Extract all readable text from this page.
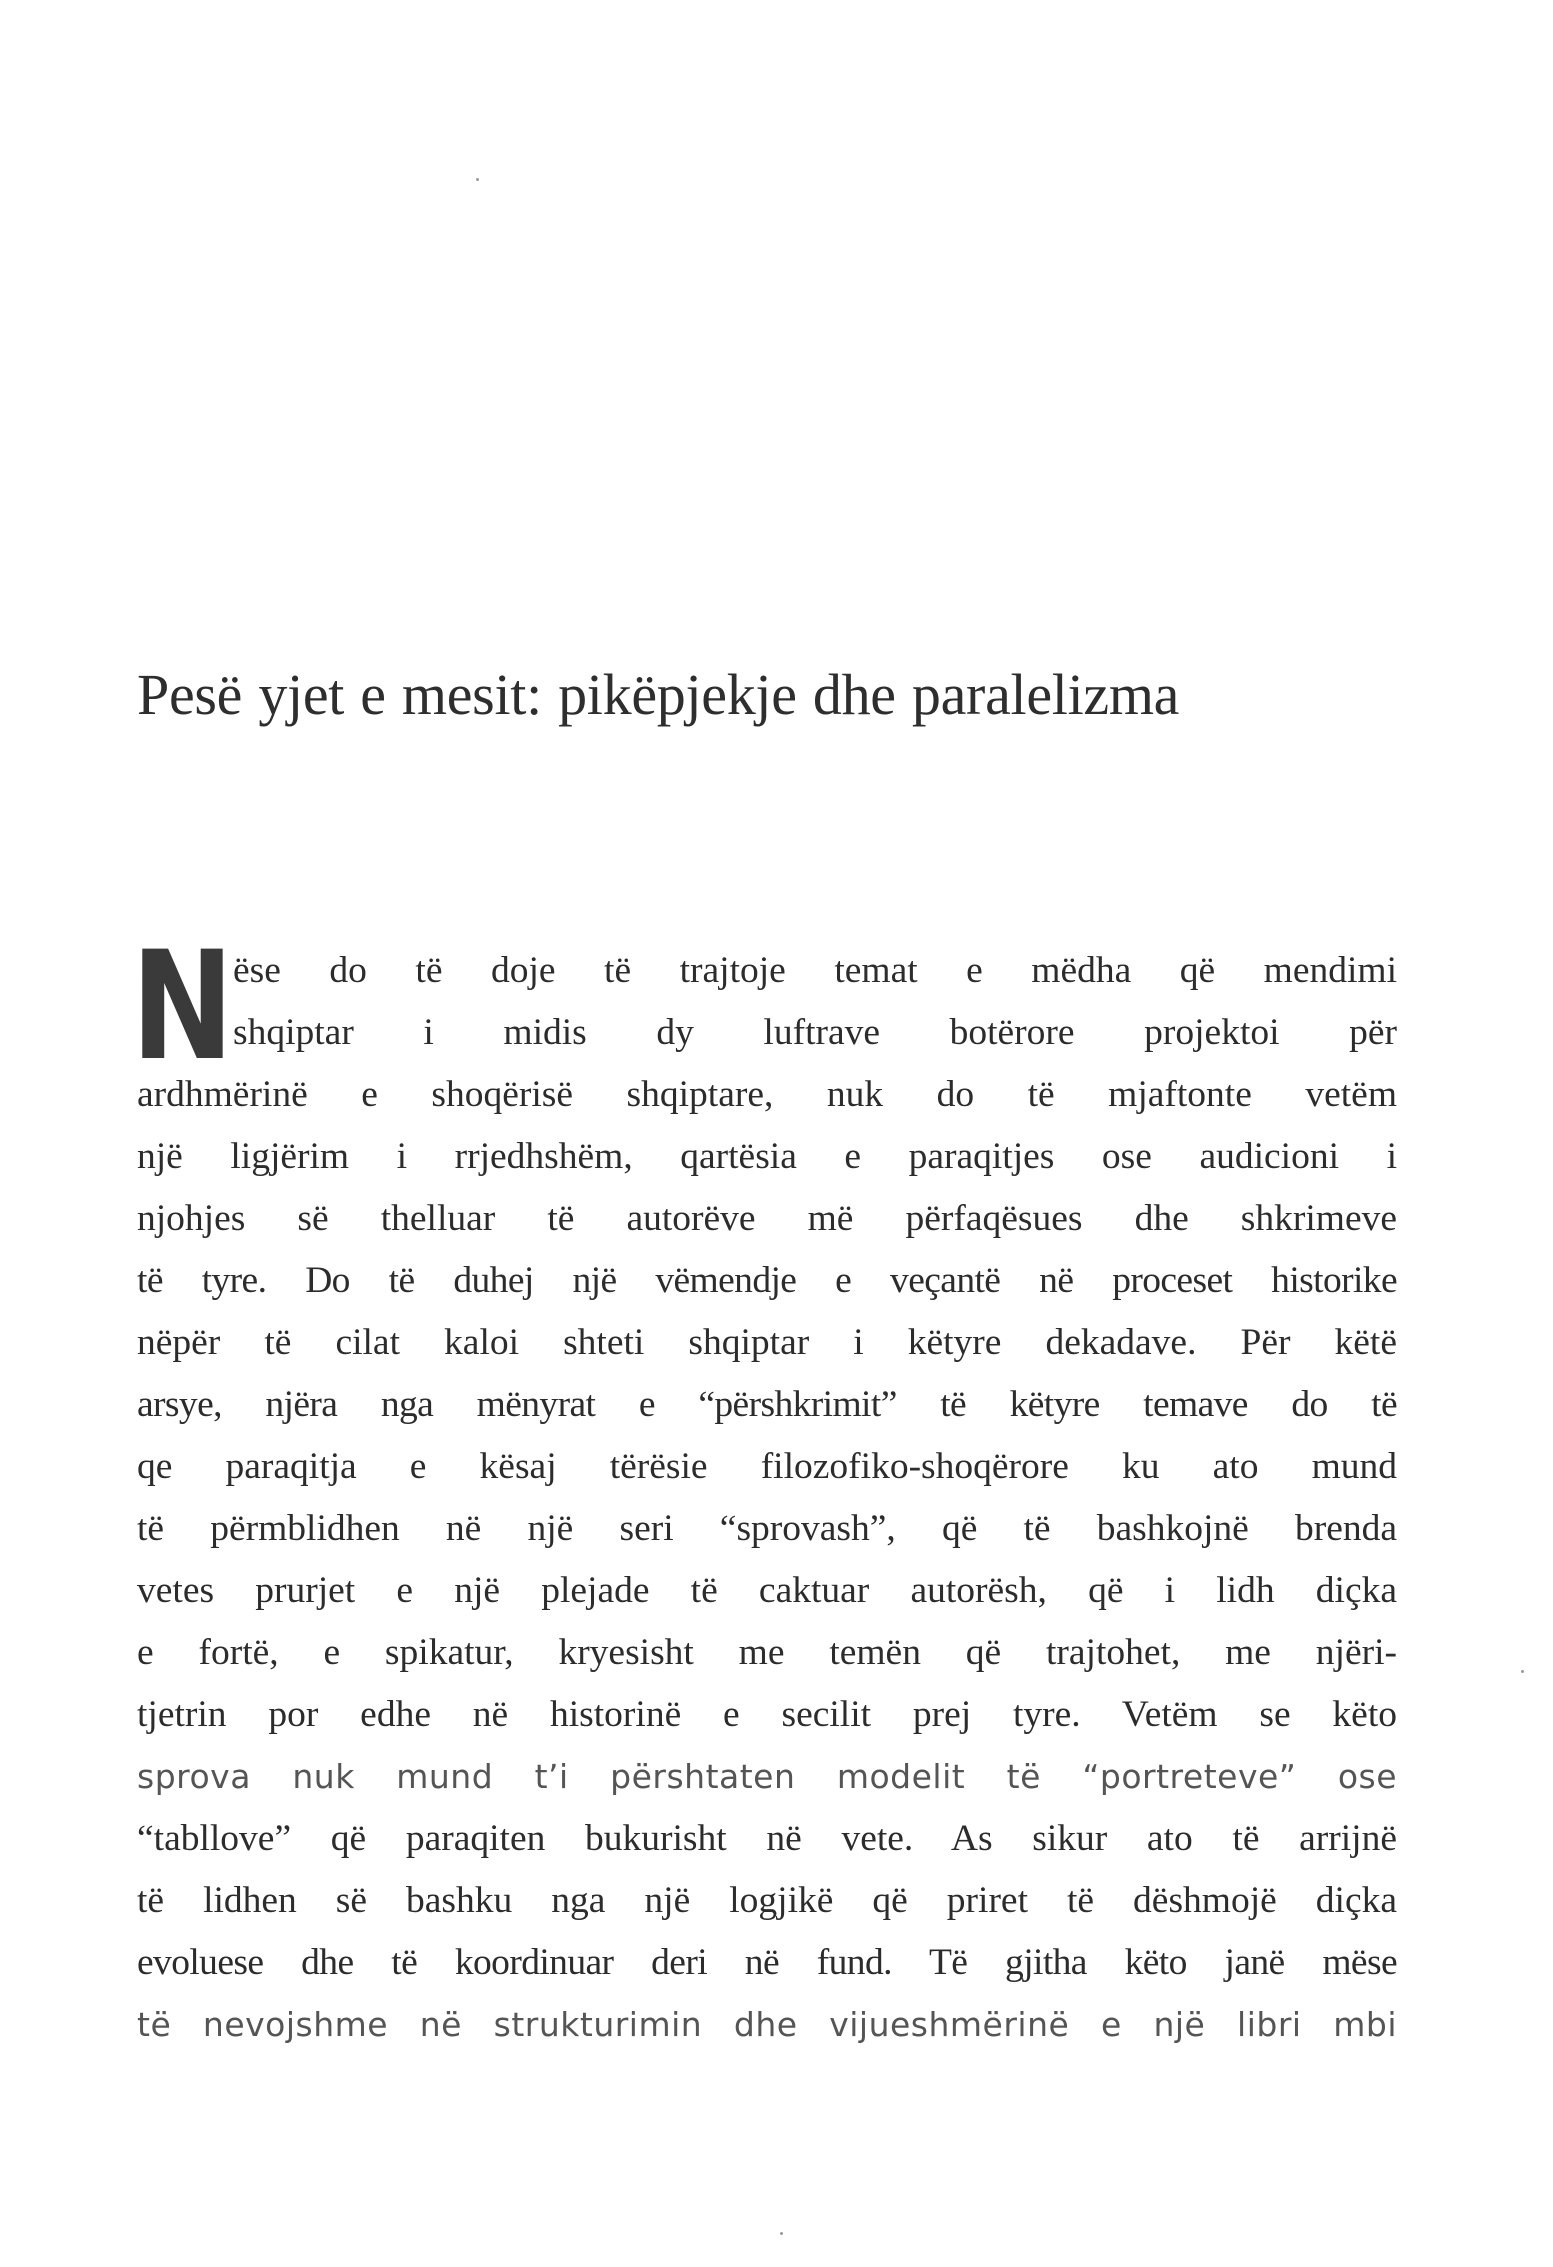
Pesë yjet e mesit: pikëpjekje dhe paralelizma
N ëse do të doje të trajtoje temat e mëdha që mendimi
shqiptar i midis dy luftrave botërore projektoi për
ardhmërinë e shoqërisë shqiptare, nuk do të mjaftonte vetëm
një ligjërim i rrjedhshëm, qartësia e paraqitjes ose audicioni i
njohjes së thelluar të autorëve më përfaqësues dhe shkrimeve
të tyre. Do të duhej një vëmendje e veçantë në proceset historike
nëpër të cilat kaloi shteti shqiptar i këtyre dekadave. Për këtë
arsye, njëra nga mënyrat e “përshkrimit” të këtyre temave do të
qe paraqitja e kësaj tërësie filozofiko-shoqërore ku ato mund
të përmblidhen në një seri “sprovash”, që të bashkojnë brenda
vetes prurjet e një plejade të caktuar autorësh, që i lidh diçka
e fortë, e spikatur, kryesisht me temën që trajtohet, me njëri-
tjetrin por edhe në historinë e secilit prej tyre. Vetëm se këto
sprova nuk mund t’i përshtaten modelit të “portreteve” ose
“tabllove” që paraqiten bukurisht në vete. As sikur ato të arrijnë
të lidhen së bashku nga një logjikë që priret të dëshmojë diçka
evoluese dhe të koordinuar deri në fund. Të gjitha këto janë mëse
të nevojshme në strukturimin dhe vijueshmërinë e një libri mbi
